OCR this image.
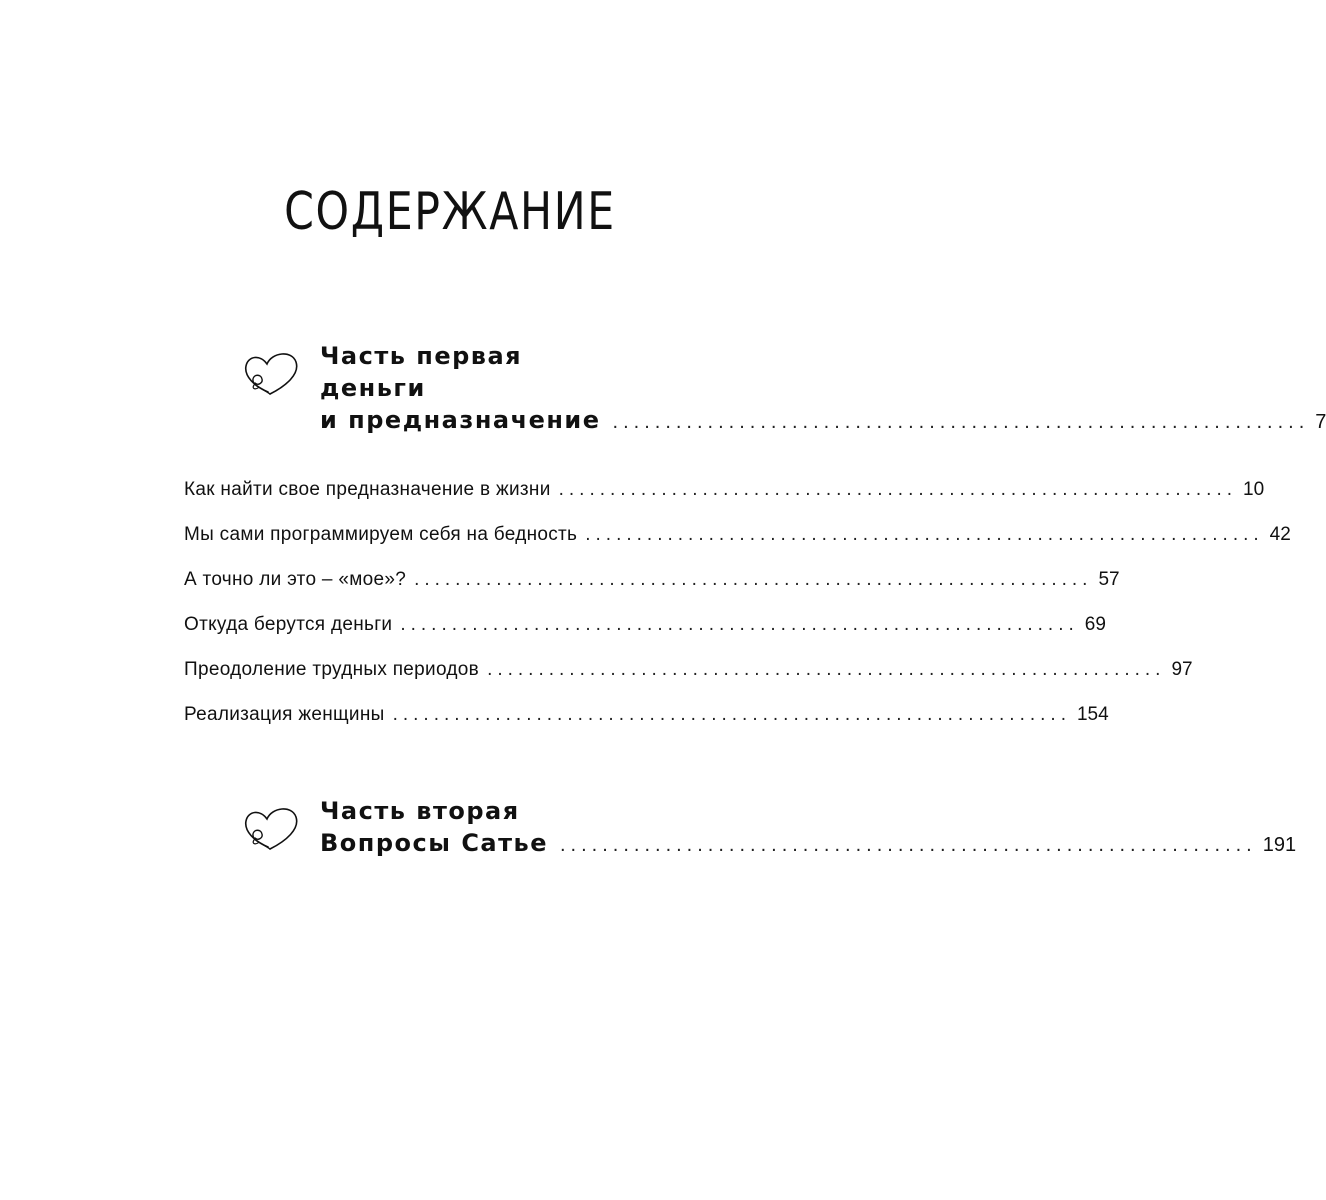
СОДЕРЖАНИЕ
Часть первая
деньги
и предназначение .................................................................. 7
Как найти свое предназначение в жизни .................................................................. 10
Мы сами программируем себя на бедность .................................................................. 42
А точно ли это – «мое»? .................................................................. 57
Откуда берутся деньги .................................................................. 69
Преодоление трудных периодов .................................................................. 97
Реализация женщины .................................................................. 154
Часть вторая
Вопросы Сатье .................................................................. 191
